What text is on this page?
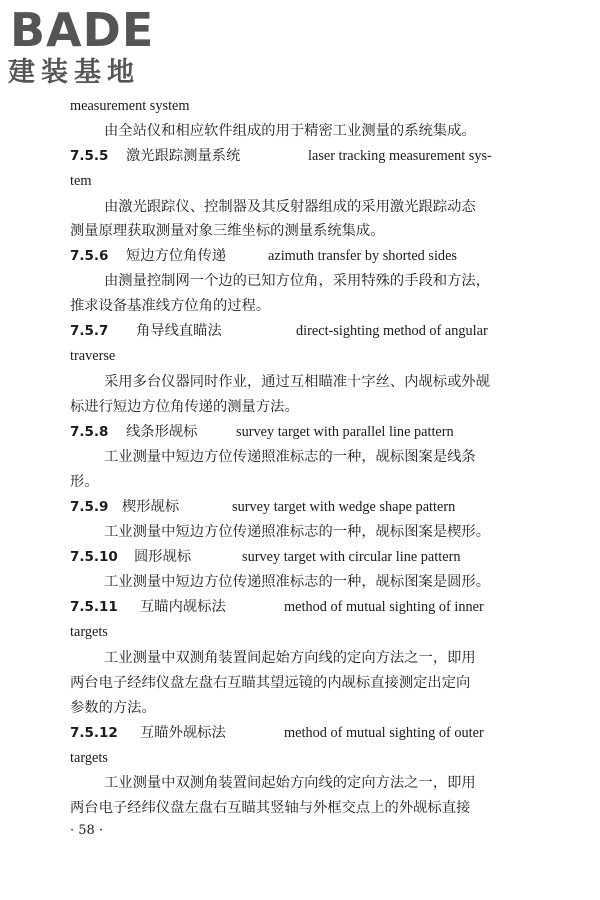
BADE
建装基地
measurement system
由全站仪和相应软件组成的用于精密工业测量的系统集成。
7.5.5	激光跟踪测量系统	laser tracking measurement sys-
tem
由激光跟踪仪、控制器及其反射器组成的采用激光跟踪动态
测量原理获取测量对象三维坐标的测量系统集成。
7.5.6	短边方位角传递	azimuth transfer by shorted sides
由测量控制网一个边的已知方位角，采用特殊的手段和方法，
推求设备基准线方位角的过程。
7.5.7	角导线直瞄法	direct-sighting method of angular
traverse
采用多台仪器同时作业，通过互相瞄准十字丝、内觇标或外觇
标进行短边方位角传递的测量方法。
7.5.8	线条形觇标	survey target with parallel line pattern
工业测量中短边方位传递照准标志的一种，觇标图案是线条
形。
7.5.9 楔形觇标	survey target with wedge shape pattern
工业测量中短边方位传递照准标志的一种，觇标图案是楔形。
7.5.10	圆形觇标	survey target with circular line pattern
工业测量中短边方位传递照准标志的一种，觇标图案是圆形。
7.5.11	互瞄内觇标法	method of mutual sighting of inner
targets
工业测量中双测角装置间起始方向线的定向方法之一，即用
两台电子经纬仪盘左盘右互瞄其望远镜的内觇标直接测定出定向
参数的方法。
7.5.12	互瞄外觇标法	method of mutual sighting of outer
targets
工业测量中双测角装置间起始方向线的定向方法之一，即用
两台电子经纬仪盘左盘右互瞄其竖轴与外框交点上的外觇标直接
· 58 ·
